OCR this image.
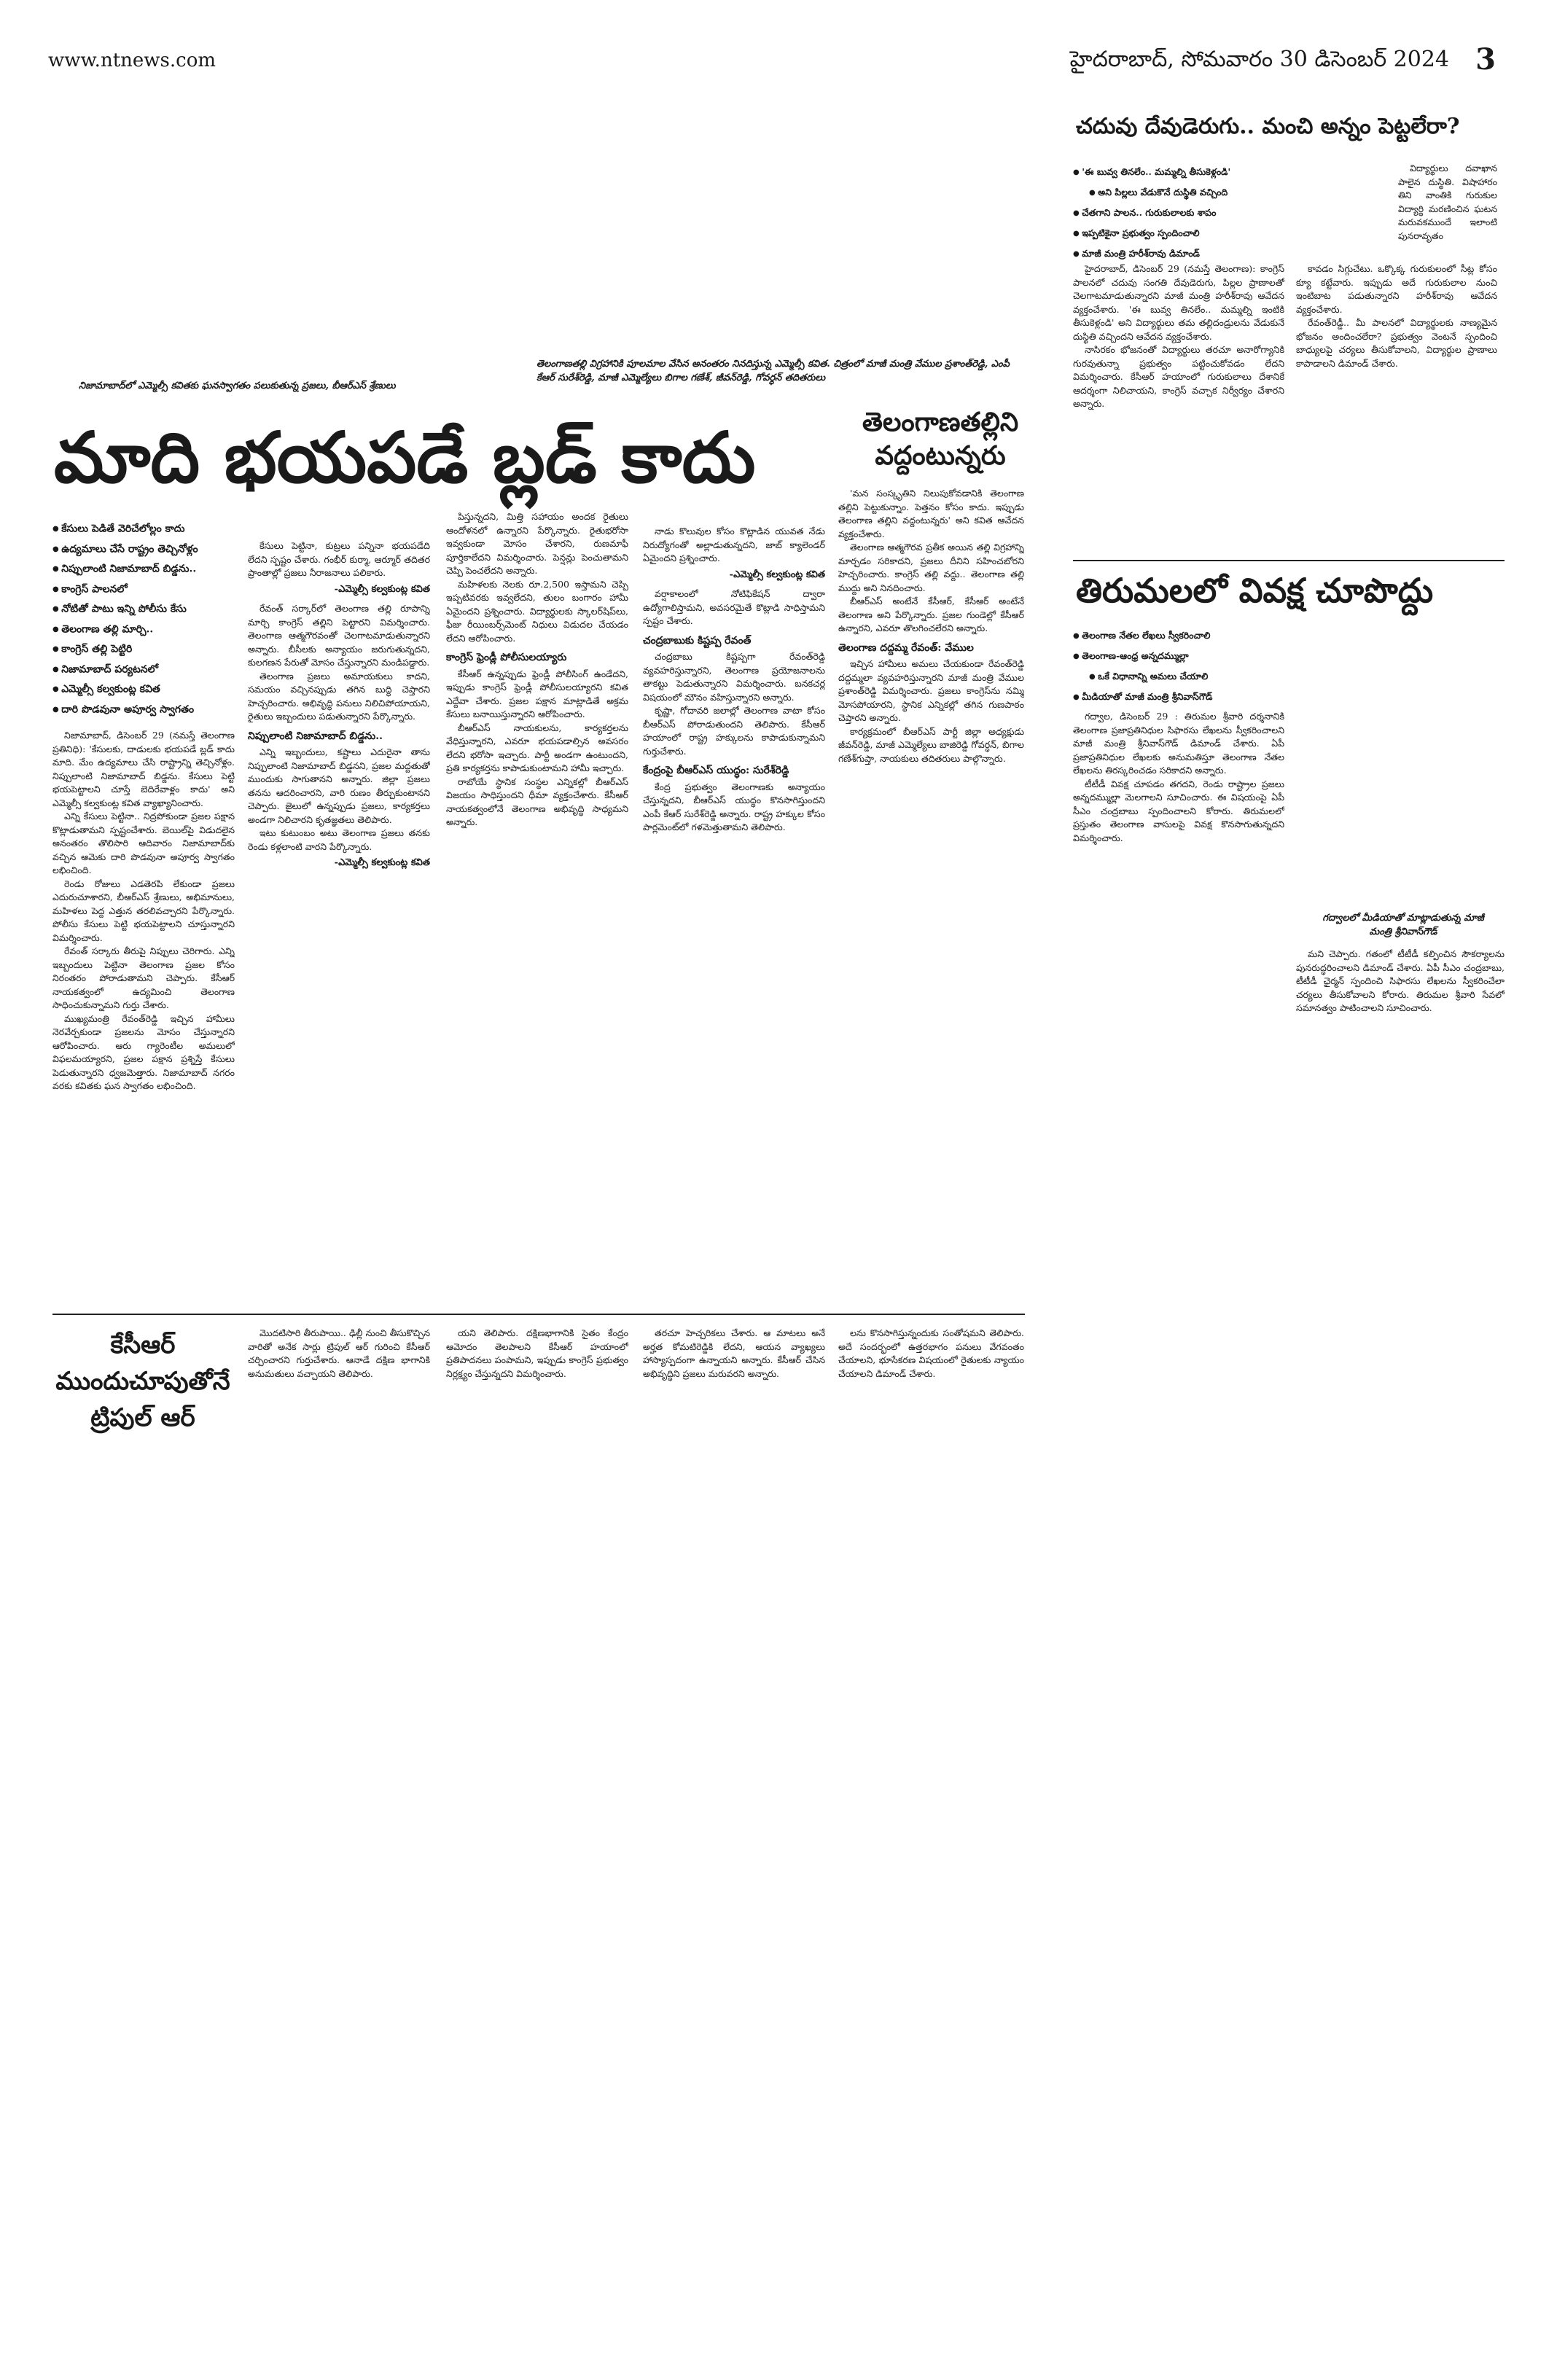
www.ntnews.com	హైదరాబాద్, సోమవారం 30 డిసెంబర్ 2024 3
నిజామాబాద్‌లో ఎమ్మెల్సీ కవితకు ఘనస్వాగతం పలుకుతున్న ప్రజలు, బీఆర్‌ఎస్ శ్రేణులు
తెలంగాణతల్లి విగ్రహానికి పూలమాల వేసిన అనంతరం నినదిస్తున్న ఎమ్మెల్సీ కవిత. చిత్రంలో మాజీ మంత్రి వేముల ప్రశాంత్‌రెడ్డి, ఎంపీ కేఆర్ సురేశ్‌రెడ్డి, మాజీ ఎమ్మెల్యేలు బిగాల గణేశ్, జీవన్‌రెడ్డి, గోవర్ధన్ తదితరులు
మాది భయపడే బ్లడ్ కాదు	తెలంగాణతల్లిని వద్దంటున్నరు
● కేసులు పెడితే వెరిచేలోల్లం కాదు
● ఉద్యమాలు చేసే రాష్ట్రం తెచ్చినోళ్లం
● నిప్పులాంటి నిజామాబాద్ బిడ్డను..
● కాంగ్రెస్ పాలనలో
● నోటితో పాటు ఇన్ని పోలీసు కేసు
● తెలంగాణ తల్లి మార్చి..
● కాంగ్రెస్ తల్లి పెట్టిరి
● నిజామాబాద్ పర్యటనలో
● ఎమ్మెల్సీ కల్వకుంట్ల కవిత
● దారి పొడవునా అపూర్వ స్వాగతం

నిజామాబాద్, డిసెంబర్ 29 (నమస్తే తెలంగాణ ప్రతినిధి): 'కేసులకు, దాడులకు భయపడే బ్లడ్ కాదు మాది. మేం ఉద్యమాలు చేసి రాష్ట్రాన్ని తెచ్చినోళ్లం. నిప్పులాంటి నిజామాబాద్ బిడ్డను. కేసులు పెట్టి భయపెట్టాలని చూస్తే బెదిరేవాళ్లం కాదు' అని ఎమ్మెల్సీ కల్వకుంట్ల కవిత వ్యాఖ్యానించారు.

ఎన్ని కేసులు పెట్టినా.. నిద్రపోకుండా ప్రజల పక్షాన కొట్లాడుతామని స్పష్టంచేశారు. బెయిల్‌పై విడుదలైన అనంతరం తొలిసారి ఆదివారం నిజామాబాద్‌కు వచ్చిన ఆమెకు దారి పొడవునా అపూర్వ స్వాగతం లభించింది.

రెండు రోజులు ఎడతెరపి లేకుండా ప్రజలు ఎదురుచూశారని, బీఆర్‌ఎస్ శ్రేణులు, అభిమానులు, మహిళలు పెద్ద ఎత్తున తరలివచ్చారని పేర్కొన్నారు. పోలీసు కేసులు పెట్టి భయపెట్టాలని చూస్తున్నారని విమర్శించారు.

రేవంత్ సర్కారు తీరుపై నిప్పులు చెరిగారు. ఎన్ని ఇబ్బందులు పెట్టినా తెలంగాణ ప్రజల కోసం నిరంతరం పోరాడుతామని చెప్పారు. కేసీఆర్ నాయకత్వంలో ఉద్యమించి తెలంగాణ సాధించుకున్నామని గుర్తు చేశారు.

ముఖ్యమంత్రి రేవంత్‌రెడ్డి ఇచ్చిన హామీలు నెరవేర్చకుండా ప్రజలను మోసం చేస్తున్నారని ఆరోపించారు. ఆరు గ్యారెంటీల అమలులో విఫలమయ్యారని, ప్రజల పక్షాన ప్రశ్నిస్తే కేసులు పెడుతున్నారని ధ్వజమెత్తారు. నిజామాబాద్ నగరం వరకు కవితకు ఘన స్వాగతం లభించింది.

కేసులు పెట్టినా, కుట్రలు పన్నినా భయపడేది లేదని స్పష్టం చేశారు. గంభీర్ కుర్మా, ఆర్మూర్ తదితర ప్రాంతాల్లో ప్రజలు నీరాజనాలు పలికారు.

-ఎమ్మెల్సీ కల్వకుంట్ల కవిత

రేవంత్ సర్కార్‌లో తెలంగాణ తల్లి రూపాన్ని మార్చి కాంగ్రెస్ తల్లిని పెట్టారని విమర్శించారు. తెలంగాణ ఆత్మగౌరవంతో చెలగాటమాడుతున్నారని అన్నారు. బీసీలకు అన్యాయం జరుగుతున్నదని, కులగణన పేరుతో మోసం చేస్తున్నారని మండిపడ్డారు.

తెలంగాణ ప్రజలు అమాయకులు కాదని, సమయం వచ్చినప్పుడు తగిన బుద్ధి చెప్తారని హెచ్చరించారు. అభివృద్ధి పనులు నిలిచిపోయాయని, రైతులు ఇబ్బందులు పడుతున్నారని పేర్కొన్నారు.

నిప్పులాంటి నిజామాబాద్ బిడ్డను..

ఎన్ని ఇబ్బందులు, కష్టాలు ఎదురైనా తాను నిప్పులాంటి నిజామాబాద్ బిడ్డనని, ప్రజల మద్దతుతో ముందుకు సాగుతానని అన్నారు. జిల్లా ప్రజలు తనను ఆదరించారని, వారి రుణం తీర్చుకుంటానని చెప్పారు. జైలులో ఉన్నప్పుడు ప్రజలు, కార్యకర్తలు అండగా నిలిచారని కృతజ్ఞతలు తెలిపారు.

ఇటు కుటుంబం అటు తెలంగాణ ప్రజలు తనకు రెండు కళ్లలాంటి వారని పేర్కొన్నారు.

-ఎమ్మెల్సీ కల్వకుంట్ల కవిత

పిస్తున్నదని, మిత్తి సహాయం అందక రైతులు ఆందోళనలో ఉన్నారని పేర్కొన్నారు. రైతుభరోసా ఇవ్వకుండా మోసం చేశారని, రుణమాఫీ పూర్తికాలేదని విమర్శించారు. పెన్షన్లు పెంచుతామని చెప్పి పెంచలేదని అన్నారు.

మహిళలకు నెలకు రూ.2,500 ఇస్తామని చెప్పి ఇప్పటివరకు ఇవ్వలేదని, తులం బంగారం హామీ ఏమైందని ప్రశ్నించారు. విద్యార్థులకు స్కాలర్‌షిప్‌లు, ఫీజు రీయింబర్స్‌మెంట్ నిధులు విడుదల చేయడం లేదని ఆరోపించారు.

కాంగ్రెస్ ఫ్రెండ్లీ పోలీసులయ్యారు

కేసీఆర్ ఉన్నప్పుడు ఫ్రెండ్లీ పోలీసింగ్ ఉండేదని, ఇప్పుడు కాంగ్రెస్ ఫ్రెండ్లీ పోలీసులయ్యారని కవిత ఎద్దేవా చేశారు. ప్రజల పక్షాన మాట్లాడితే అక్రమ కేసులు బనాయిస్తున్నారని ఆరోపించారు.

బీఆర్‌ఎస్ నాయకులను, కార్యకర్తలను వేధిస్తున్నారని, ఎవరూ భయపడాల్సిన అవసరం లేదని భరోసా ఇచ్చారు. పార్టీ అండగా ఉంటుందని, ప్రతి కార్యకర్తను కాపాడుకుంటామని హామీ ఇచ్చారు.

రాబోయే స్థానిక సంస్థల ఎన్నికల్లో బీఆర్‌ఎస్ విజయం సాధిస్తుందని ధీమా వ్యక్తంచేశారు. కేసీఆర్ నాయకత్వంలోనే తెలంగాణ అభివృద్ధి సాధ్యమని అన్నారు.

నాడు కొలువుల కోసం కొట్లాడిన యువత నేడు నిరుద్యోగంతో అల్లాడుతున్నదని, జాబ్ క్యాలెండర్ ఏమైందని ప్రశ్నించారు.

-ఎమ్మెల్సీ కల్వకుంట్ల కవిత

వర్షాకాలంలో నోటిఫికేషన్ ద్వారా ఉద్యోగాలిస్తామని, అవసరమైతే కొట్లాడి సాధిస్తామని స్పష్టం చేశారు.

చంద్రబాబుకు కిష్టప్ప రేవంత్

చంద్రబాబు కిష్టప్పగా రేవంత్‌రెడ్డి వ్యవహరిస్తున్నారని, తెలంగాణ ప్రయోజనాలను తాకట్టు పెడుతున్నారని విమర్శించారు. బనకచర్ల విషయంలో మౌనం వహిస్తున్నారని అన్నారు.

కృష్ణా, గోదావరి జలాల్లో తెలంగాణ వాటా కోసం బీఆర్‌ఎస్ పోరాడుతుందని తెలిపారు. కేసీఆర్ హయాంలో రాష్ట్ర హక్కులను కాపాడుకున్నామని గుర్తుచేశారు.

కేంద్రంపై బీఆర్‌ఎస్ యుద్ధం: సురేశ్‌రెడ్డి

కేంద్ర ప్రభుత్వం తెలంగాణకు అన్యాయం చేస్తున్నదని, బీఆర్‌ఎస్ యుద్ధం కొనసాగిస్తుందని ఎంపీ కేఆర్ సురేశ్‌రెడ్డి అన్నారు. రాష్ట్ర హక్కుల కోసం పార్లమెంట్‌లో గళమెత్తుతామని తెలిపారు.

'మన సంస్కృతిని నిలుపుకోవడానికి తెలంగాణ తల్లిని పెట్టుకున్నాం. పెత్తనం కోసం కాదు. ఇప్పుడు తెలంగాణ తల్లిని వద్దంటున్నరు' అని కవిత ఆవేదన వ్యక్తంచేశారు.

తెలంగాణ ఆత్మగౌరవ ప్రతీక అయిన తల్లి విగ్రహాన్ని మార్చడం సరికాదని, ప్రజలు దీనిని సహించబోరని హెచ్చరించారు. కాంగ్రెస్ తల్లి వద్దు.. తెలంగాణ తల్లి ముద్దు అని నినదించారు.

బీఆర్‌ఎస్ అంటేనే కేసీఆర్, కేసీఆర్ అంటేనే తెలంగాణ అని పేర్కొన్నారు. ప్రజల గుండెల్లో కేసీఆర్ ఉన్నారని, ఎవరూ తొలగించలేరని అన్నారు.

తెలంగాణ దద్దమ్మ రేవంత్: వేముల

ఇచ్చిన హామీలు అమలు చేయకుండా రేవంత్‌రెడ్డి దద్దమ్మలా వ్యవహరిస్తున్నారని మాజీ మంత్రి వేముల ప్రశాంత్‌రెడ్డి విమర్శించారు. ప్రజలు కాంగ్రెస్‌ను నమ్మి మోసపోయారని, స్థానిక ఎన్నికల్లో తగిన గుణపాఠం చెప్తారని అన్నారు.

కార్యక్రమంలో బీఆర్‌ఎస్ పార్టీ జిల్లా అధ్యక్షుడు జీవన్‌రెడ్డి, మాజీ ఎమ్మెల్యేలు బాజిరెడ్డి గోవర్ధన్, బిగాల గణేశ్‌గుప్తా, నాయకులు తదితరులు పాల్గొన్నారు.

కేసీఆర్ ముందుచూపుతోనే ట్రిపుల్ ఆర్

మొదటిసారి తీరుపాయి.. ఢిల్లీ నుంచి తీసుకొచ్చిన వారితో అనేక సార్లు ట్రిపుల్ ఆర్ గురించి కేసీఆర్ చర్చించారని గుర్తుచేశారు. ఆనాడే దక్షిణ భాగానికి అనుమతులు వచ్చాయని తెలిపారు.

యని తెలిపారు. దక్షిణభాగానికి సైతం కేంద్రం ఆమోదం తెలపాలని కేసీఆర్ హయాంలో ప్రతిపాదనలు పంపామని, ఇప్పుడు కాంగ్రెస్ ప్రభుత్వం నిర్లక్ష్యం చేస్తున్నదని విమర్శించారు.

తరచూ హెచ్చరికలు చేశారు. ఆ మాటలు అనే అర్హత కోమటిరెడ్డికి లేదని, ఆయన వ్యాఖ్యలు హాస్యాస్పదంగా ఉన్నాయని అన్నారు. కేసీఆర్ చేసిన అభివృద్ధిని ప్రజలు మరువరని అన్నారు.

లను కొనసాగిస్తున్నందుకు సంతోషమని తెలిపారు. అదే సందర్భంలో ఉత్తరభాగం పనులు వేగవంతం చేయాలని, భూసేకరణ విషయంలో రైతులకు న్యాయం చేయాలని డిమాండ్ చేశారు.

చదువు దేవుడెరుగు.. మంచి అన్నం పెట్టలేరా?
● 'ఈ బువ్వ తినలేం.. మమ్మల్ని తీసుకెళ్లండి'
● అని పిల్లలు వేడుకొనే దుస్థితి వచ్చింది
● చేతగాని పాలన.. గురుకులాలకు శాపం
● ఇప్పటికైనా ప్రభుత్వం స్పందించాలి
● మాజీ మంత్రి హరీశ్‌రావు డిమాండ్

విద్యార్థులు దవాఖాన పాలైన దుస్థితి. విషాహారం తిని వాంతికి గురుకుల విద్యార్థి మరణించిన ఘటన మరువకముందే ఇలాంటి పునరావృతం

హైదరాబాద్, డిసెంబర్ 29 (నమస్తే తెలంగాణ): కాంగ్రెస్ పాలనలో చదువు సంగతి దేవుడెరుగు, పిల్లల ప్రాణాలతో చెలగాటమాడుతున్నారని మాజీ మంత్రి హరీశ్‌రావు ఆవేదన వ్యక్తంచేశారు. 'ఈ బువ్వ తినలేం.. మమ్మల్ని ఇంటికి తీసుకెళ్లండి' అని విద్యార్థులు తమ తల్లిదండ్రులను వేడుకునే దుస్థితి వచ్చిందని ఆవేదన వ్యక్తంచేశారు.

నాసిరకం భోజనంతో విద్యార్థులు తరచూ అనారోగ్యానికి గురవుతున్నా ప్రభుత్వం పట్టించుకోవడం లేదని విమర్శించారు. కేసీఆర్ హయాంలో గురుకులాలు దేశానికే ఆదర్శంగా నిలిచాయని, కాంగ్రెస్ వచ్చాక నిర్వీర్యం చేశారని అన్నారు.

కావడం సిగ్గుచేటు. ఒక్కొక్క గురుకులంలో సీట్ల కోసం క్యూ కట్టేవారు. ఇప్పుడు అదే గురుకులాల నుంచి ఇంటిబాట పడుతున్నారని హరీశ్‌రావు ఆవేదన వ్యక్తంచేశారు.

రేవంత్‌రెడ్డీ.. మీ పాలనలో విద్యార్థులకు నాణ్యమైన భోజనం అందించలేరా? ప్రభుత్వం వెంటనే స్పందించి బాధ్యులపై చర్యలు తీసుకోవాలని, విద్యార్థుల ప్రాణాలు కాపాడాలని డిమాండ్ చేశారు.

తిరుమలలో వివక్ష చూపొద్దు
● తెలంగాణ నేతల లేఖలు స్వీకరించాలి
● తెలంగాణ-ఆంధ్ర అన్నదమ్ముల్లా
● ఒకే విధానాన్ని అమలు చేయాలి
● మీడియాతో మాజీ మంత్రి శ్రీనివాస్‌గౌడ్
గద్వాలలో మీడియాతో మాట్లాడుతున్న మాజీ మంత్రి శ్రీనివాస్‌గౌడ్

గద్వాల, డిసెంబర్ 29 : తిరుమల శ్రీవారి దర్శనానికి తెలంగాణ ప్రజాప్రతినిధుల సిఫారసు లేఖలను స్వీకరించాలని మాజీ మంత్రి శ్రీనివాస్‌గౌడ్ డిమాండ్ చేశారు. ఏపీ ప్రజాప్రతినిధుల లేఖలకు అనుమతిస్తూ తెలంగాణ నేతల లేఖలను తిరస్కరించడం సరికాదని అన్నారు.

టీటీడీ వివక్ష చూపడం తగదని, రెండు రాష్ట్రాల ప్రజలు అన్నదమ్ముల్లా మెలగాలని సూచించారు. ఈ విషయంపై ఏపీ సీఎం చంద్రబాబు స్పందించాలని కోరారు. తిరుమలలో ప్రస్తుతం తెలంగాణ వాసులపై వివక్ష కొనసాగుతున్నదని విమర్శించారు.

మని చెప్పారు. గతంలో టీటీడీ కల్పించిన సౌకర్యాలను పునరుద్ధరించాలని డిమాండ్ చేశారు. ఏపీ సీఎం చంద్రబాబు, టీటీడీ ఛైర్మన్ స్పందించి సిఫారసు లేఖలను స్వీకరించేలా చర్యలు తీసుకోవాలని కోరారు. తిరుమల శ్రీవారి సేవలో సమానత్వం పాటించాలని సూచించారు.
